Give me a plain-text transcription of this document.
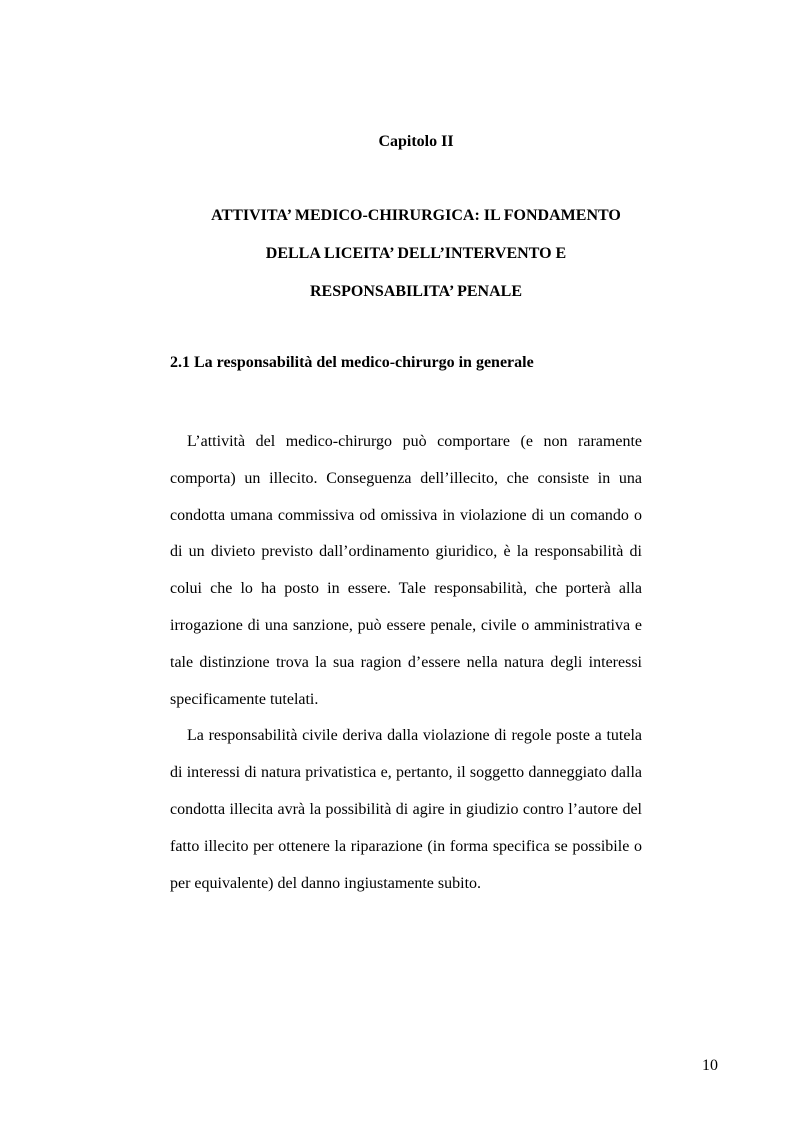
Capitolo II
ATTIVITA’ MEDICO-CHIRURGICA: IL FONDAMENTO
DELLA LICEITA’ DELL’INTERVENTO E
RESPONSABILITA’ PENALE
2.1 La responsabilità del medico-chirurgo in generale

L’attività del medico-chirurgo può comportare (e non raramente comporta) un illecito. Conseguenza dell’illecito, che consiste in una condotta umana commissiva od omissiva in violazione di un comando o di un divieto previsto dall’ordinamento giuridico, è la responsabilità di colui che lo ha posto in essere. Tale responsabilità, che porterà alla irrogazione di una sanzione, può essere penale, civile o amministrativa e tale distinzione trova la sua ragion d’essere nella natura degli interessi specificamente tutelati.

La responsabilità civile deriva dalla violazione di regole poste a tutela di interessi di natura privatistica e, pertanto, il soggetto danneggiato dalla condotta illecita avrà la possibilità di agire in giudizio contro l’autore del fatto illecito per ottenere la riparazione (in forma specifica se possibile o per equivalente) del danno ingiustamente subito.

10
